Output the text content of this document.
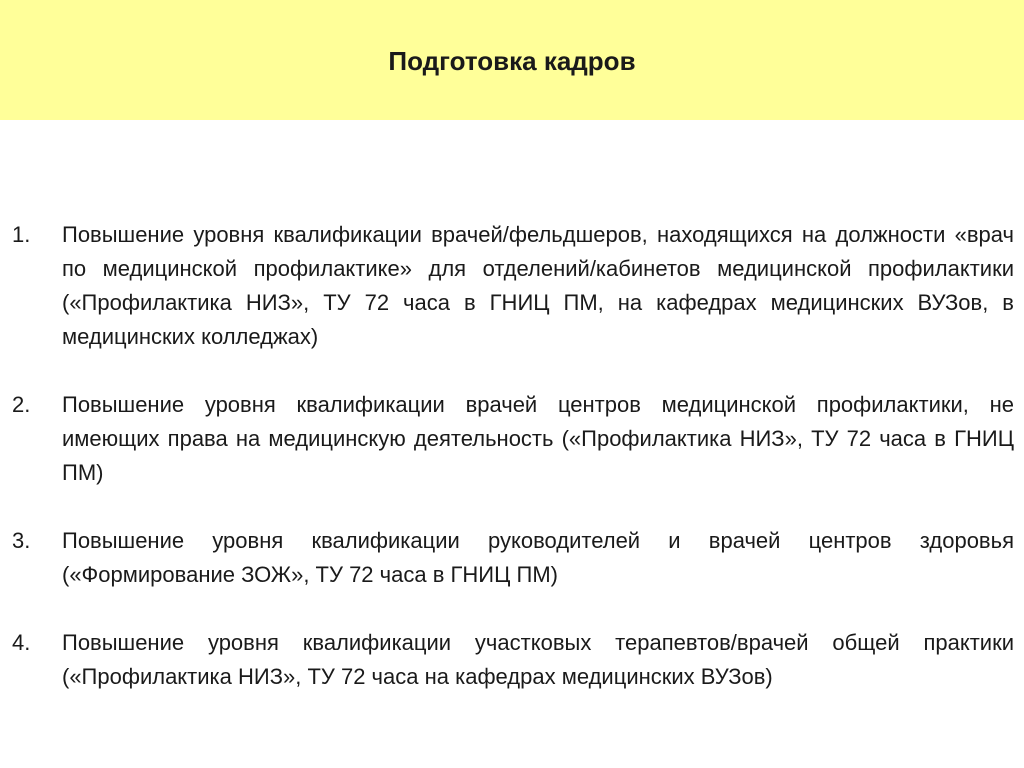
Подготовка кадров
1.	Повышение уровня квалификации врачей/фельдшеров, находящихся на должности «врач по медицинской профилактике» для отделений/кабинетов медицинской профилактики («Профилактика НИЗ», ТУ 72 часа в ГНИЦ ПМ, на кафедрах медицинских ВУЗов, в медицинских колледжах)
2.	Повышение уровня квалификации врачей центров медицинской профилактики, не имеющих права на медицинскую деятельность («Профилактика НИЗ», ТУ 72 часа в ГНИЦ ПМ)
3.	Повышение уровня квалификации руководителей и врачей центров здоровья («Формирование ЗОЖ», ТУ 72 часа в ГНИЦ ПМ)
4.	Повышение уровня квалификации участковых терапевтов/врачей общей практики («Профилактика НИЗ», ТУ 72 часа на кафедрах медицинских ВУЗов)
